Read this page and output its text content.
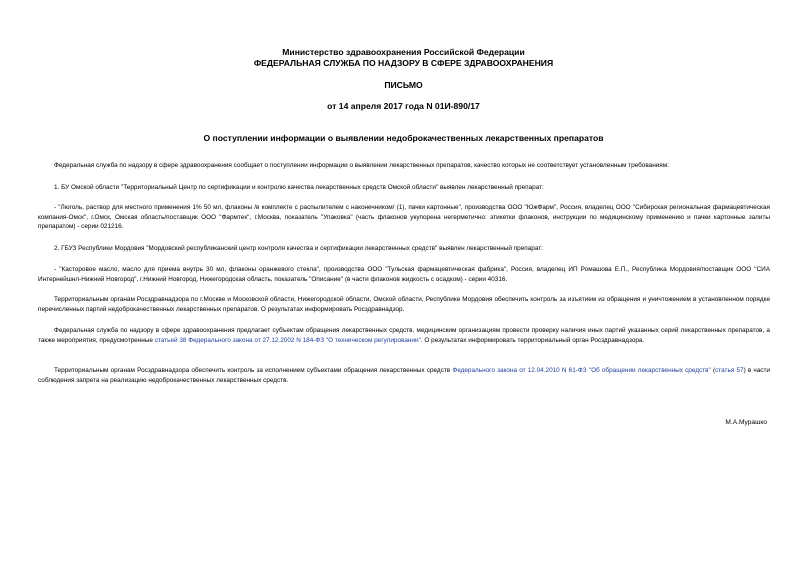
Министерство здравоохранения Российской Федерации
ФЕДЕРАЛЬНАЯ СЛУЖБА ПО НАДЗОРУ В СФЕРЕ ЗДРАВООХРАНЕНИЯ
ПИСЬМО
от 14 апреля 2017 года N 01И-890/17
О поступлении информации о выявлении недоброкачественных лекарственных препаратов

Федеральная служба по надзору в сфере здравоохранения сообщает о поступлении информации о выявлении лекарственных препаратов, качество которых не соответствует установленным требованиям:

1. БУ Омской области "Территориальный Центр по сертификации и контролю качества лекарственных средств Омской области" выявлен лекарственный препарат:

- "Люголь, раствор для местного применения 1% 50 мл, флаконы /в комплекте с распылителем с наконечником/ (1), пачки картонные", производства ООО "ЮжФарм", Россия, владелец ООО "Сибирская региональная фармацевтическая компания-Омск", г.Омск, Омская область/поставщик ООО "Фармтек", г.Москва, показатель "Упаковка" (часть флаконов укупорена негерметично: этикетки флаконов, инструкции по медицинскому применению и пачки картонные залиты препаратом) - серии 021216.

2. ГБУЗ Республики Мордовия "Мордовский республиканский центр контроля качества и сертификации лекарственных средств" выявлен лекарственный препарат:

- "Касторовое масло, масло для приема внутрь 30 мл, флаконы оранжевого стекла", производства ООО "Тульская фармацевтическая фабрика", Россия, владелец ИП Ромашова Е.П., Республика Мордовия/поставщик ООО "СИА Интернейшнл-Нижний Новгород", г.Нижний Новгород, Нижегородская область, показатель "Описание" (в части флаконов жидкость с осадком) - серии 40316.

Территориальным органам Росздравнадзора по г.Москве и Московской области, Нижегородской области, Омской области, Республике Мордовия обеспечить контроль за изъятием из обращения и уничтожением в установленном порядке перечисленных партий недоброкачественных лекарственных препаратов. О результатах информировать Росздравнадзор.

Федеральная служба по надзору в сфере здравоохранения предлагает субъектам обращения лекарственных средств, медицинским организациям провести проверку наличия иных партий указанных серий лекарственных препаратов, а также мероприятия, предусмотренные статьей 38 Федерального закона от 27.12.2002 N 184-ФЗ "О техническом регулировании". О результатах информировать территориальный орган Росздравнадзора.

Территориальным органам Росздравнадзора обеспечить контроль за исполнением субъектами обращения лекарственных средств Федерального закона от 12.04.2010 N 61-ФЗ "Об обращении лекарственных средств" (статья 57) в части соблюдения запрета на реализацию недоброкачественных лекарственных средств.

М.А.Мурашко
